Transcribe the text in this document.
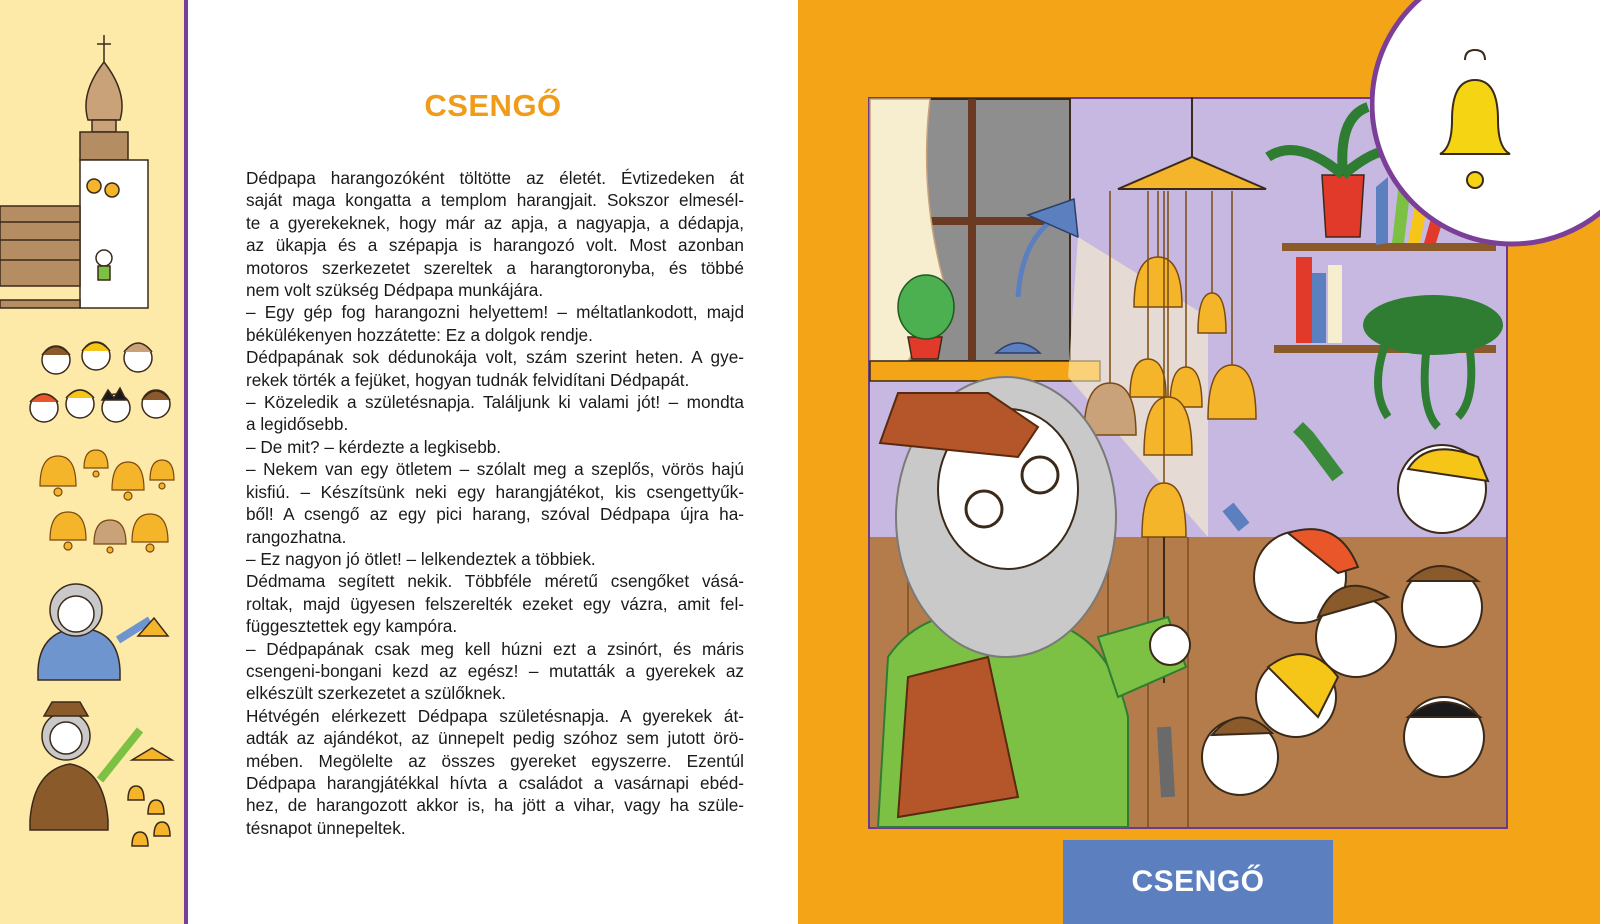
CSENGŐ
Dédpapa harangozóként töltötte az életét. Évtizedeken át
saját maga kongatta a templom harangjait. Sokszor elmesél-
te a gyerekeknek, hogy már az apja, a nagyapja, a dédapja,
az ükapja és a szépapja is harangozó volt. Most azonban
motoros szerkezetet szereltek a harangtoronyba, és többé
nem volt szükség Dédpapa munkájára.
– Egy gép fog harangozni helyettem! – méltatlankodott, majd
békülékenyen hozzátette: Ez a dolgok rendje.
Dédpapának sok dédunokája volt, szám szerint heten. A gye-
rekek törték a fejüket, hogyan tudnák felvidítani Dédpapát.
– Közeledik a születésnapja. Találjunk ki valami jót! – mondta
a legidősebb.
– De mit? – kérdezte a legkisebb.
– Nekem van egy ötletem – szólalt meg a szeplős, vörös hajú
kisfiú. – Készítsünk neki egy harangjátékot, kis csengettyűk-
ből! A csengő az egy pici harang, szóval Dédpapa újra ha-
rangozhatna.
– Ez nagyon jó ötlet! – lelkendeztek a többiek.
Dédmama segített nekik. Többféle méretű csengőket vásá-
roltak, majd ügyesen felszerelték ezeket egy vázra, amit fel-
függesztettek egy kampóra.
– Dédpapának csak meg kell húzni ezt a zsinórt, és máris
csengeni-bongani kezd az egész! – mutatták a gyerekek az
elkészült szerkezetet a szülőknek.
Hétvégén elérkezett Dédpapa születésnapja. A gyerekek át-
adták az ajándékot, az ünnepelt pedig szóhoz sem jutott örö-
mében. Megölelte az összes gyereket egyszerre. Ezentúl
Dédpapa harangjátékkal hívta a családot a vasárnapi ebéd-
hez, de harangozott akkor is, ha jött a vihar, vagy ha szüle-
tésnapot ünnepeltek.
CSENGŐ
